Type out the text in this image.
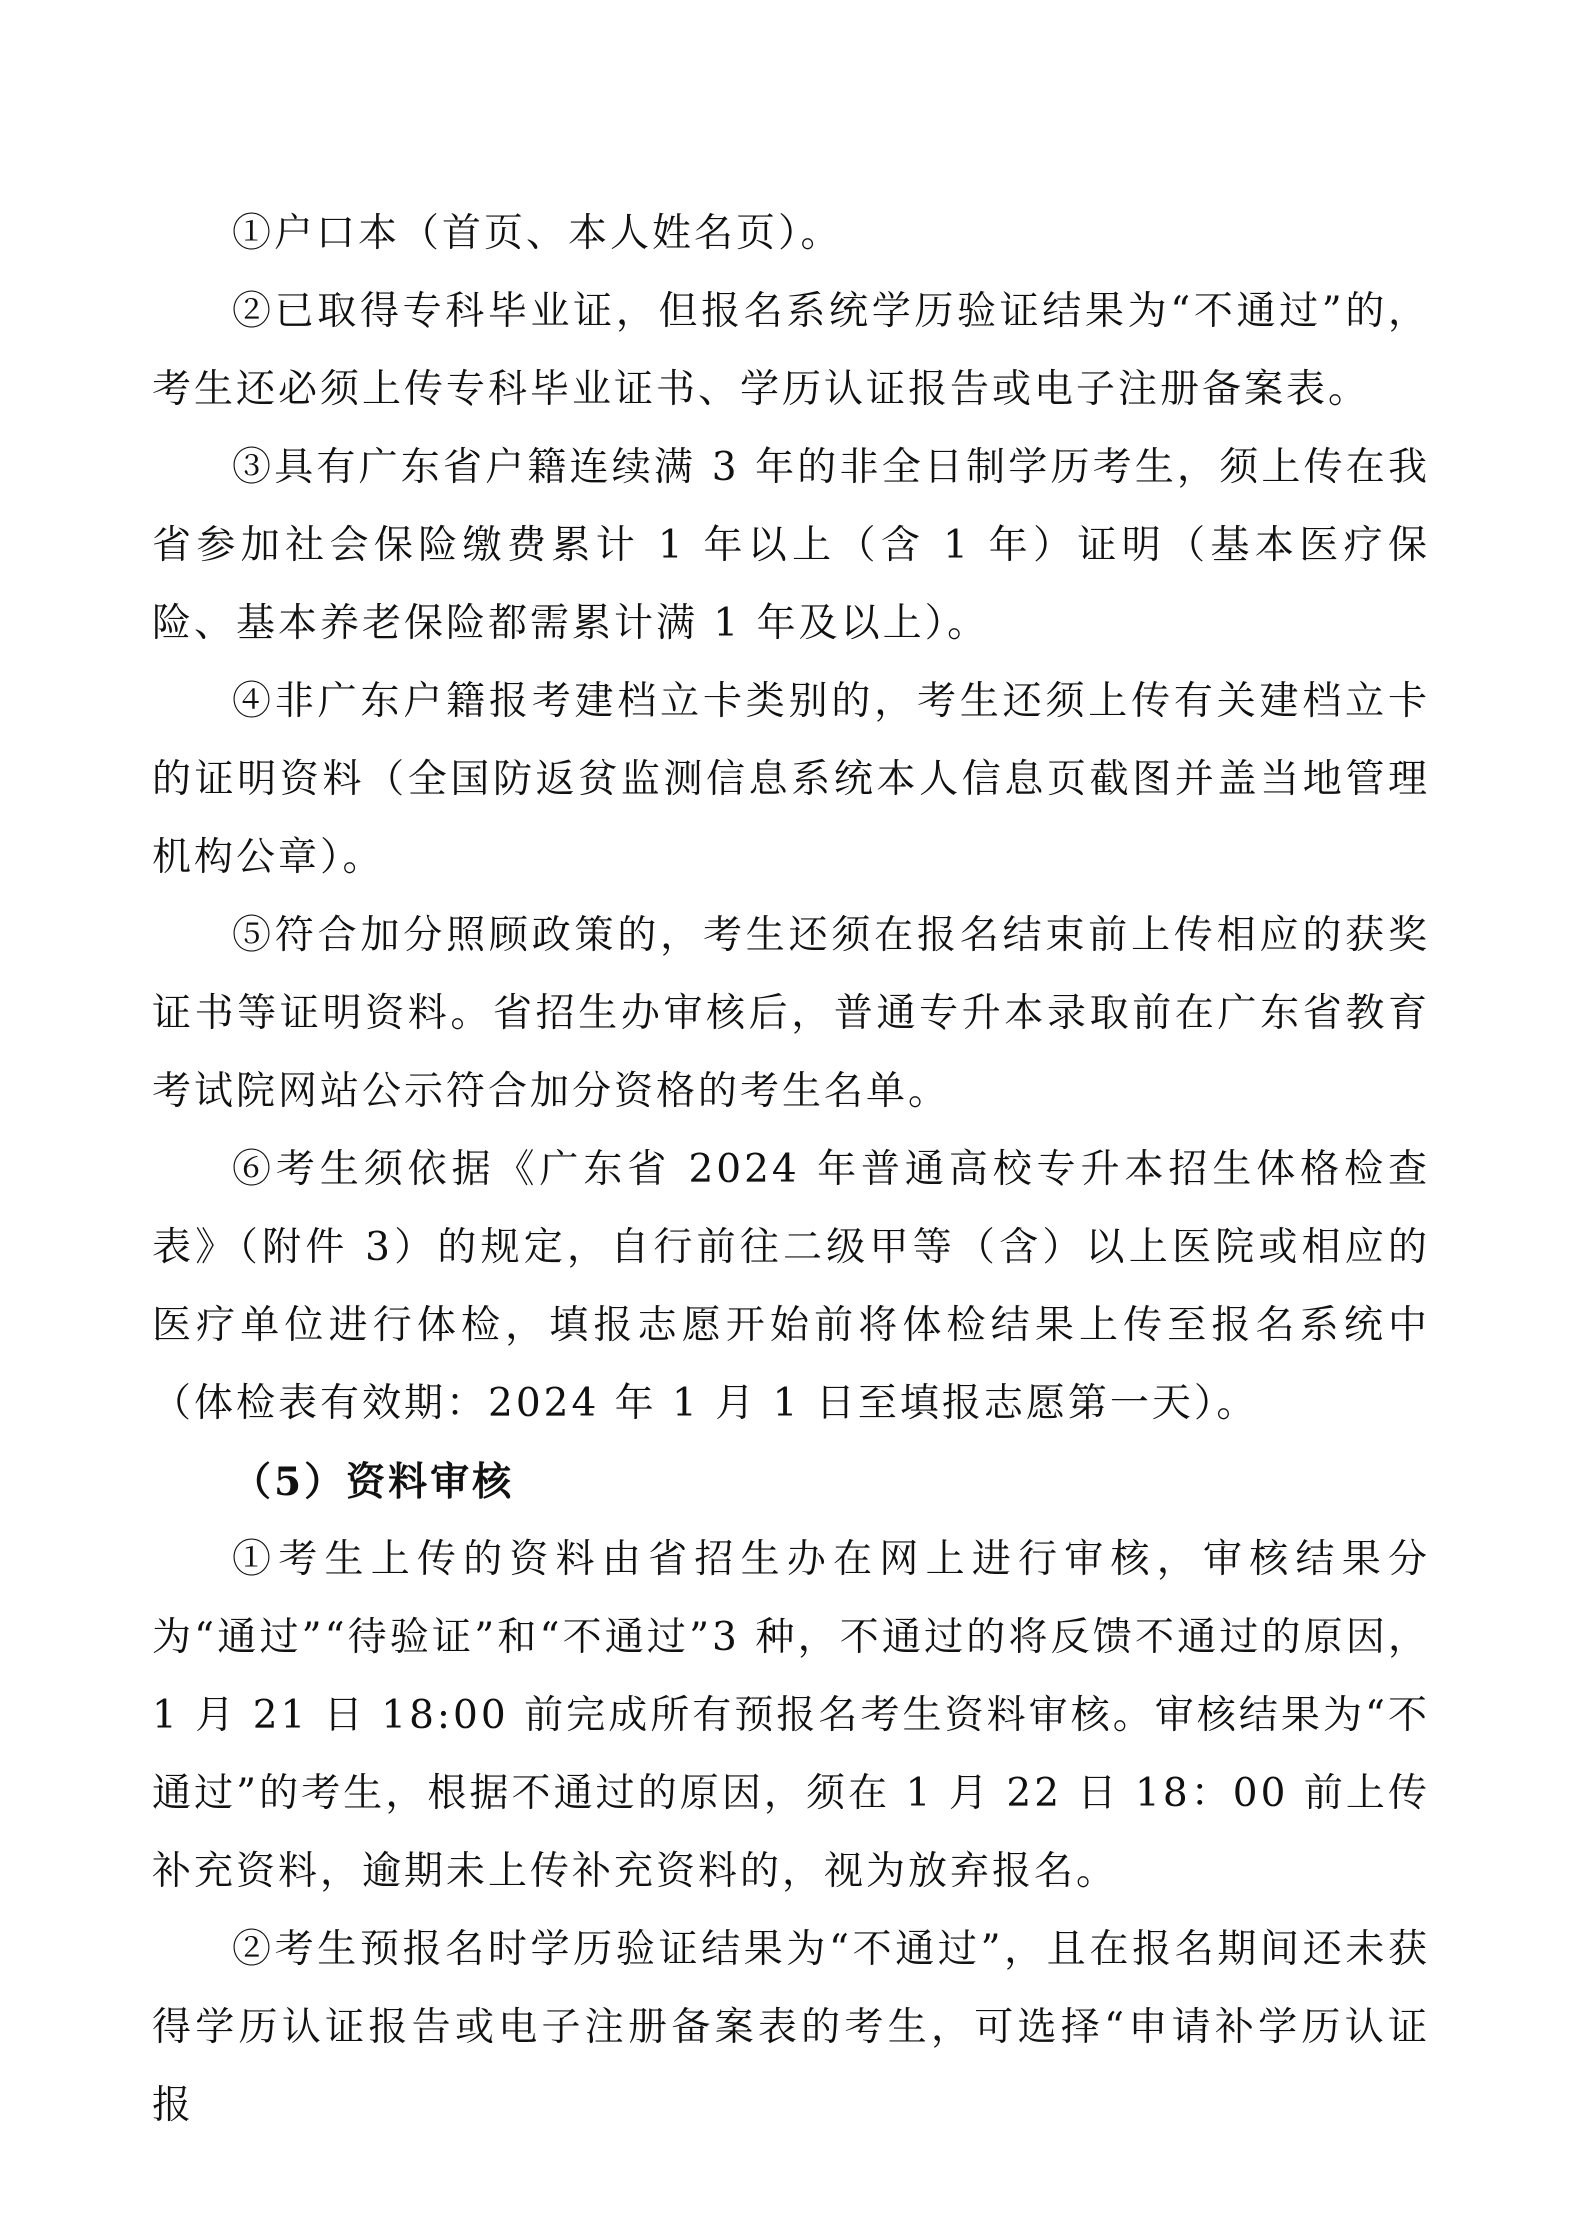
①户口本（首页、本人姓名页）。

②已取得专科毕业证，但报名系统学历验证结果为“不通过”的，考生还必须上传专科毕业证书、学历认证报告或电子注册备案表。

③具有广东省户籍连续满 3 年的非全日制学历考生，须上传在我省参加社会保险缴费累计 1 年以上（含 1 年）证明（基本医疗保险、基本养老保险都需累计满 1 年及以上）。

④非广东户籍报考建档立卡类别的，考生还须上传有关建档立卡的证明资料（全国防返贫监测信息系统本人信息页截图并盖当地管理机构公章）。

⑤符合加分照顾政策的，考生还须在报名结束前上传相应的获奖证书等证明资料。省招生办审核后，普通专升本录取前在广东省教育考试院网站公示符合加分资格的考生名单。

⑥考生须依据《广东省 2024 年普通高校专升本招生体格检查表》（附件 3）的规定，自行前往二级甲等（含）以上医院或相应的医疗单位进行体检，填报志愿开始前将体检结果上传至报名系统中（体检表有效期：2024 年 1 月 1 日至填报志愿第一天）。

（5）资料审核

①考生上传的资料由省招生办在网上进行审核，审核结果分为“通过”“待验证”和“不通过”3 种，不通过的将反馈不通过的原因，1 月 21 日 18:00 前完成所有预报名考生资料审核。审核结果为“不通过”的考生，根据不通过的原因，须在 1 月 22 日 18：00 前上传补充资料，逾期未上传补充资料的，视为放弃报名。

②考生预报名时学历验证结果为“不通过”，且在报名期间还未获得学历认证报告或电子注册备案表的考生，可选择“申请补学历认证报
